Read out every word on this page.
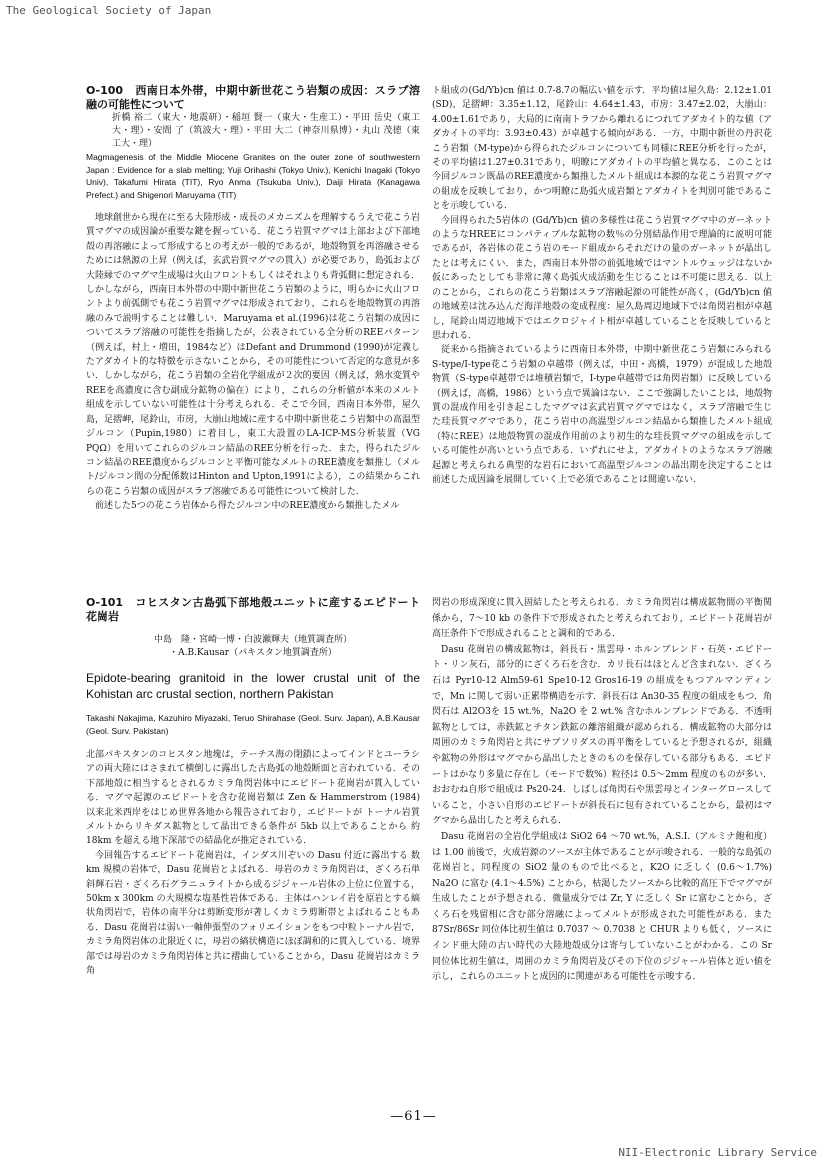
The Geological Society of Japan
O-100 西南日本外帯，中期中新世花こう岩類の成因：スラブ溶融の可能性について
折橋 裕二（東大・地震研）・稲垣 賢一（東大・生産工）・平田 岳史（東工大・理）・安間 了（筑波大・理）・平田 大二（神奈川県博）・丸山 茂徳（東工大・理）
Magmagenesis of the Middle Miocene Granites on the outer zone of southwestern Japan : Evidence for a slab melting; Yuji Orihashi (Tokyo Univ.), Kenichi Inagaki (Tokyo Univ), Takafumi Hirata (TIT), Ryo Anma (Tsukuba Univ.), Daiji Hirata (Kanagawa Prefect.) and Shigenori Maruyama (TIT)

地球創世から現在に至る大陸形成・成長のメカニズムを理解するうえで花こう岩質マグマの成因論が重要な鍵を握っている．花こう岩質マグマは上部および下部地殻の再溶融によって形成するとの考えが一般的であるが，地殻物質を再溶融させるためには熱源の上昇（例えば，玄武岩質マグマの貫入）が必要であり，島弧および大陸縁でのマグマ生成場は火山フロントもしくはそれよりも背弧側に想定される．しかしながら，西南日本外帯の中期中新世花こう岩類のように，明らかに火山フロントより前弧側でも花こう岩質マグマは形成されており，これらを地殻物質の再溶融のみで説明することは難しい．Maruyama et al.(1996)は花こう岩類の成因についてスラブ溶融の可能性を指摘したが，公表されている全分析のREEパターン（例えば，村上・増田，1984など）はDefant and Drummond (1990)が定義したアダカイト的な特徴を示さないことから，その可能性について否定的な意見が多い．しかしながら，花こう岩類の全岩化学組成が２次的要因（例えば，熱水変質やREEを高濃度に含む副成分鉱物の偏在）により，これらの分析値が本来のメルト組成を示していない可能性は十分考えられる．そこで今回，西南日本外帯，屋久島，足摺岬，尾鈴山，市房，大崩山地域に産する中期中新世花こう岩類中の高温型ジルコン（Pupin,1980）に着目し，東工大設置のLA-ICP-MS分析装置（VG PQΩ）を用いてこれらのジルコン結晶のREE分析を行った．また，得られたジルコン結晶のREE濃度からジルコンと平衡可能なメルトのREE濃度を類推し（メルト/ジルコン間の分配係数はHinton and Upton,1991による），この結果からこれらの花こう岩類の成因がスラブ溶融である可能性について検討した．

前述した5つの花こう岩体から得たジルコン中のREE濃度から類推したメル

ト組成の(Gd/Yb)cn 値は 0.7-8.7の幅広い値を示す．平均値は屋久島：2.12±1.01 (SD)，足摺岬：3.35±1.12，尾鈴山：4.64±1.43，市房：3.47±2.02，大崩山：4.00±1.61であり，大局的に南南トラフから離れるにつれてアダカイト的な値（アダカイトの平均：3.93±0.43）が卓越する傾向がある．一方，中期中新世の丹沢花こう岩類（M-type)から得られたジルコンについても同様にREE分析を行ったが，その平均値は1.27±0.31であり，明瞭にアダカイトの平均値と異なる．このことは今回ジルコン既晶のREE濃度から類推したメルト組成は本源的な花こう岩質マグマの組成を反映しており，かつ明瞭に島弧火成岩類とアダカイトを判別可能であることを示唆している．

今回得られた5岩体の (Gd/Yb)cn 値の多様性は花こう岩質マグマ中のガーネットのようなHREEにコンパティブルな鉱物の数％の分別結晶作用で理論的に説明可能であるが，各岩体の花こう岩のモード組成からそれだけの量のガーネットが晶出したとは考えにくい．また，西南日本外帯の前弧地域ではマントルウェッジはないか仮にあったとしても非常に薄く島弧火成活動を生じることは不可能に思える．以上のことから，これらの花こう岩類はスラブ溶融起源の可能性が高く，(Gd/Yb)cn 値の地域差は沈み込んだ海洋地殻の変成程度：屋久島周辺地域下では角閃岩相が卓越し，尾鈴山周辺地域下ではエクロジャイト相が卓越していることを反映していると思われる．

従来から指摘されているように西南日本外帯，中期中新世花こう岩類にみられるS-type/I-type花こう岩類の卓越帯（例えば，中田・高橋，1979）が混成した地殻物質（S-type卓越帯では堆積岩類で，I-type卓越帯では角閃岩類）に反映している（例えば，高橋，1986）という点で異論はない．ここで強調したいことは，地殻物質の混成作用を引き起こしたマグマは玄武岩質マグマではなく，スラブ溶融で生じた珪長質マグマであり，花こう岩中の高温型ジルコン結晶から類推したメルト組成（特にREE）は地殻物質の混成作用前のより初生的な珪長質マグマの組成を示している可能性が高いという点である．いずれにせよ，アダカイトのようなスラブ溶融起源と考えられる典型的な岩石において高温型ジルコンの晶出期を決定することは前述した成因論を展開していく上で必須であることは間違いない．

O-101 コヒスタン古島弧下部地殻ユニットに産するエピドート花崗岩
中島　隆・宮崎一博・白波瀬輝夫（地質調査所）
・A.B.Kausar（パキスタン地質調査所）
Epidote-bearing granitoid in the lower crustal unit of the Kohistan arc crustal section, northern Pakistan
Takashi Nakajima, Kazuhiro Miyazaki, Teruo Shirahase (Geol. Surv. Japan), A.B.Kausar (Geol. Surv. Pakistan)

北部パキスタンのコヒスタン地塊は，テーチス海の閉鎖によってインドとユーラシアの両大陸にはさまれて横倒しに露出した古島弧の地殻断面と言われている．その下部地殻に相当するとされるカミラ角閃岩体中にエピドート花崗岩が貫入している．マグマ起源のエピドートを含む花崗岩類は Zen & Hammerstrom (1984) 以来北米西岸をはじめ世界各地から報告されており，エピドートが トーナル岩質メルトからリキダス鉱物として晶出できる条件が 5kb 以上であることから 約18km を超える地下深部での結晶化が推定されている．

今回報告するエピドート花崗岩は，インダス川ぞいの Dasu 付近に露出する 数km 規模の岩体で，Dasu 花崗岩とよばれる．母岩のカミラ角閃岩は，ざくろ石単斜輝石岩・ざくろ石グラニュライトから成るジジャール岩体の上位に位置する，50km x 300km の大規模な塩基性岩体である．主体はハンレイ岩を原岩とする縞状角閃岩で，岩体の南半分は剪断変形が著しくカミラ剪断帯とよばれることもある．Dasu 花崗岩は弱い一軸伸張型のフォリエイションをもつ中粒トーナル岩で，カミラ角閃岩体の北限近くに，母岩の縞状構造にほぼ調和的に貫入している．境界部では母岩のカミラ角閃岩体と共に褶曲していることから，Dasu 花崗岩はカミラ角

閃岩の形成深度に貫入固結したと考えられる．カミラ角閃岩は構成鉱物間の平衡関係から，7〜10 kb の条件下で形成されたと考えられており，エピドート花崗岩が高圧条件下で形成されることと調和的である．

Dasu 花崗岩の構成鉱物は，斜長石・黒雲母・ホルンブレンド・石英・エピドート・リン灰石，部分的にざくろ石を含む．カリ長石はほとんど含まれない．ざくろ石は Pyr10-12 Alm59-61 Spe10-12 Gros16-19 の組成をもつアルマンディンで，Mn に関して弱い正累帯構造を示す．斜長石は An30-35 程度の組成をもつ．角閃石は Al2O3を 15 wt.%，Na2O を 2 wt.% 含むホルンブレンドである．不透明鉱物としては，赤鉄鉱とチタン鉄鉱の離溶組織が認められる．構成鉱物の大部分は周囲のカミラ角閃岩と共にサブソリダスの再平衡をしていると予想されるが，組織や鉱物の外形はマグマから晶出したときのものを保存している部分もある．エピドートはかなり多量に存在し（モードで数%）粒径は 0.5〜2mm 程度のものが多い．おおむね自形で組成は Ps20-24．しばしば角閃石や黒雲母とインターグロースしていること，小さい自形のエピドートが斜長石に包有されていることから，最初はマグマから晶出したと考えられる．

Dasu 花崗岩の全岩化学組成は SiO2 64 〜70 wt.%，A.S.I.（アルミナ飽和度）は 1.00 前後で，火成岩源のソースが主体であることが示唆される．一般的な島弧の花崗岩と，同程度の SiO2 量のもので比べると，K2O に乏しく (0.6〜1.7%) Na2O に富む (4.1〜4.5%) ことから，枯渇したソースから比較的高圧下でマグマが生成したことが予想される．微量成分では Zr, Y に乏しく Sr に富むことから，ざくろ石を残留相に含む部分溶融によってメルトが形成された可能性がある．また 87Sr/86Sr 同位体比初生値は 0.7037 〜 0.7038 と CHUR よりも低く，ソースにインド亜大陸の古い時代の大陸地殻成分は寄与していないことがわかる．この Sr 同位体比初生値は，周囲のカミラ角閃岩及びその下位のジジャール岩体と近い値を示し，これらのユニットと成因的に関連がある可能性を示唆する．

—61—
NII-Electronic Library Service
